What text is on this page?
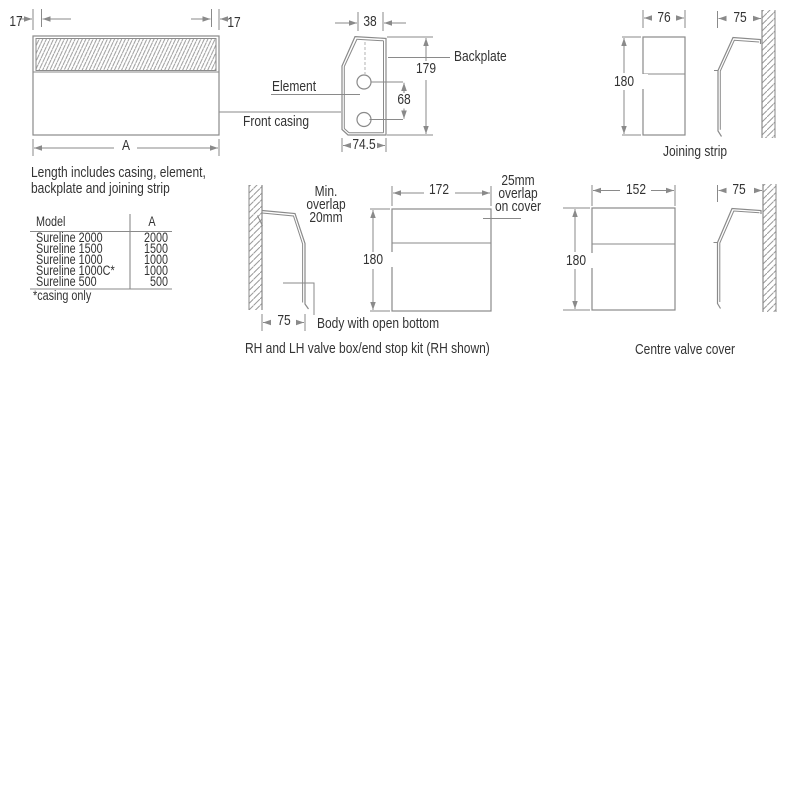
17	17
A
Length includes casing, element,
backplate and joining strip
Model	A
Sureline 2000	2000
Sureline 1500	1500
Sureline 1000	1000
Sureline 1000C*	1000
Sureline 500	500
*casing only
38
179
68
74.5
Backplate
Element
Front casing
76
180
75
Joining strip
Min.
overlap
20mm
75
172
180
25mm
overlap
on cover
Body with open bottom
RH and LH valve box/end stop kit (RH shown)
152
180
75
Centre valve cover
